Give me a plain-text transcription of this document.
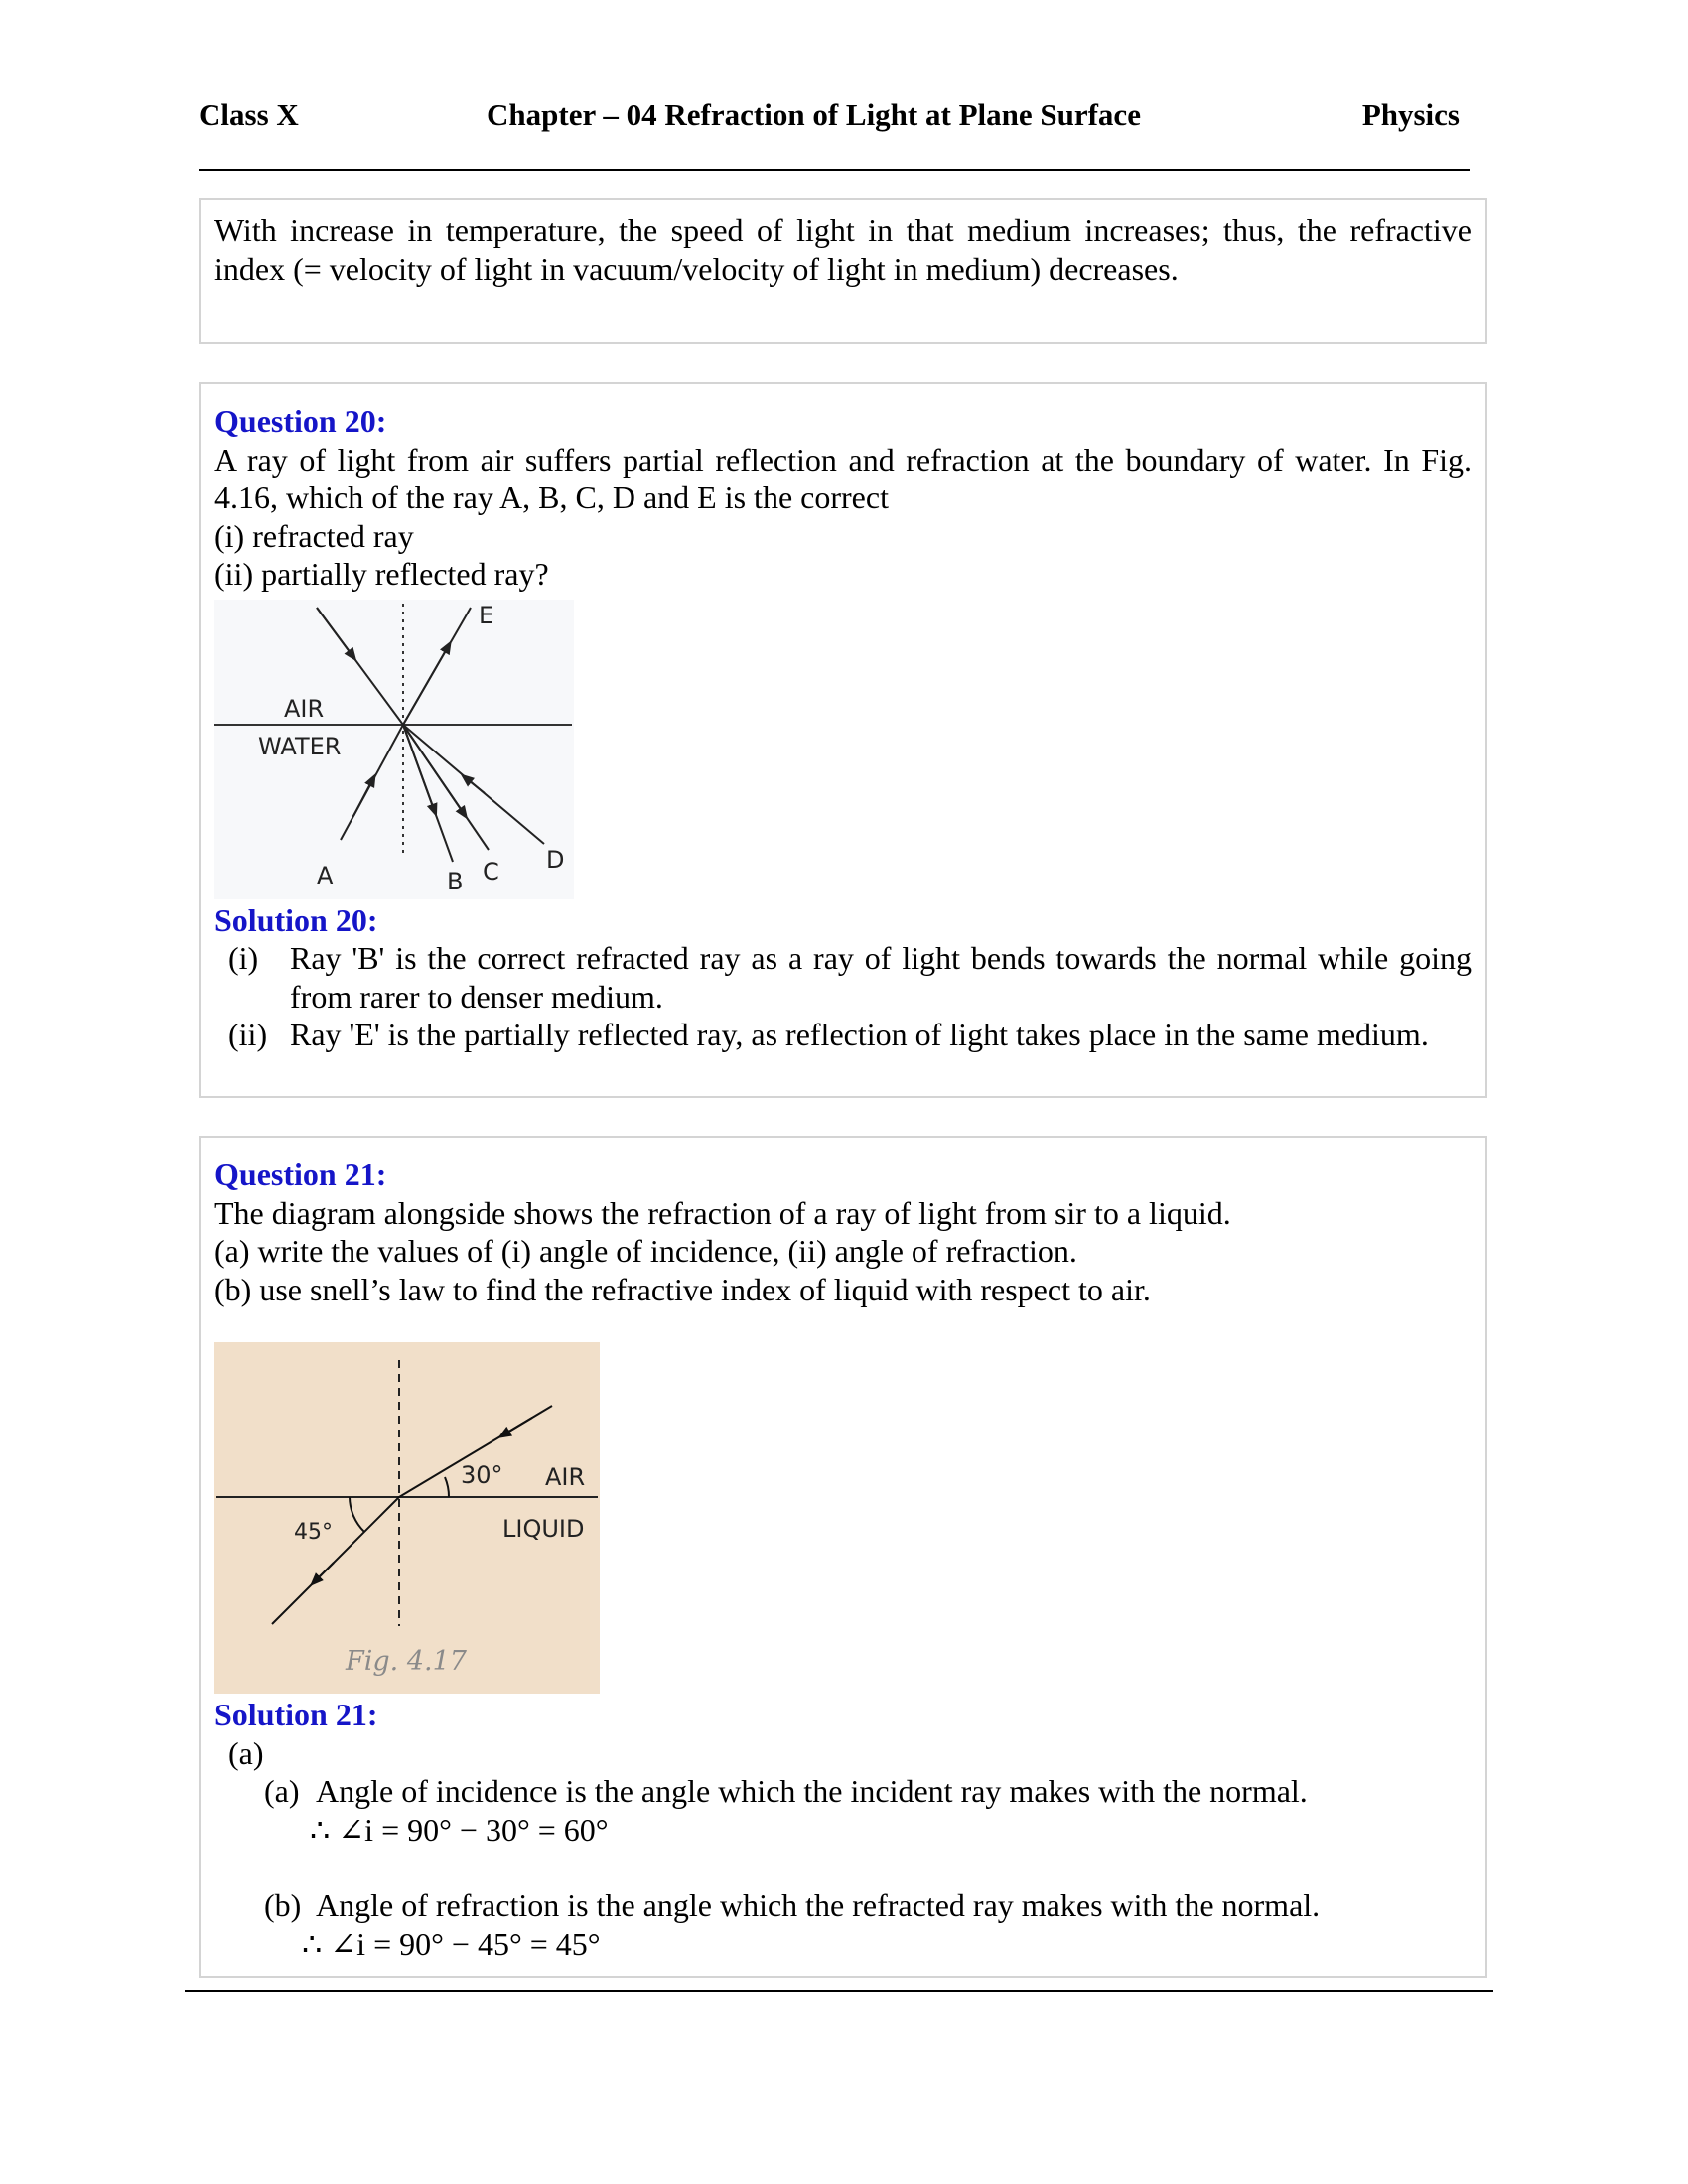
Class X	Chapter – 04 Refraction of Light at Plane Surface	Physics
With increase in temperature, the speed of light in that medium increases; thus, the refractive index (= velocity of light in vacuum/velocity of light in medium) decreases.
Question 20:
A ray of light from air suffers partial reflection and refraction at the boundary of water. In Fig. 4.16, which of the ray A, B, C, D and E is the correct
(i) refracted ray
(ii) partially reflected ray?
AIR
WATER
E
A	B C D
Solution 20:
(i) Ray 'B' is the correct refracted ray as a ray of light bends towards the normal while going from rarer to denser medium.
(ii) Ray 'E' is the partially reflected ray, as reflection of light takes place in the same medium.
Question 21:
The diagram alongside shows the refraction of a ray of light from sir to a liquid.
(a) write the values of (i) angle of incidence, (ii) angle of refraction.
(b) use snell’s law to find the refractive index of liquid with respect to air.
30° AIR
45°	LIQUID
Fig. 4.17
Solution 21:
(a)
(a) Angle of incidence is the angle which the incident ray makes with the normal.
∴ ∠i = 90° − 30° = 60°
(b) Angle of refraction is the angle which the refracted ray makes with the normal.
∴ ∠i = 90° − 45° = 45°
